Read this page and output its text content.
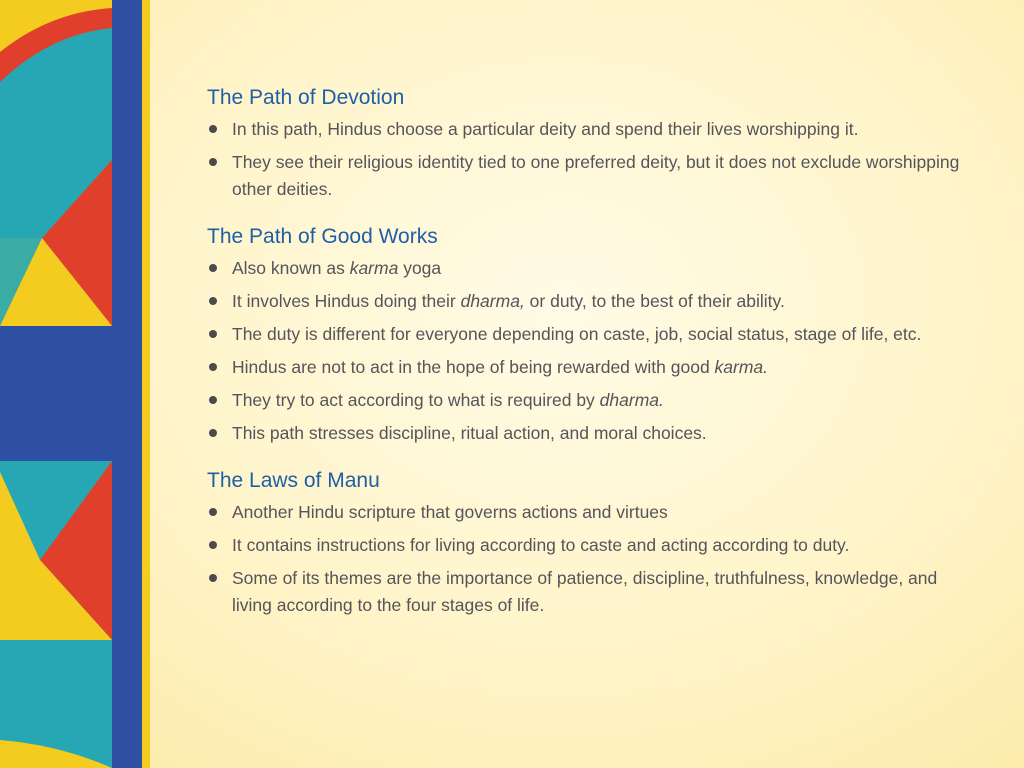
The Path of Devotion
In this path, Hindus choose a particular deity and spend their lives worshipping it.
They see their religious identity tied to one preferred deity, but it does not exclude worshipping other deities.
The Path of Good Works
Also known as karma yoga
It involves Hindus doing their dharma, or duty, to the best of their ability.
The duty is different for everyone depending on caste, job, social status, stage of life, etc.
Hindus are not to act in the hope of being rewarded with good karma.
They try to act according to what is required by dharma.
This path stresses discipline, ritual action, and moral choices.
The Laws of Manu
Another Hindu scripture that governs actions and virtues
It contains instructions for living according to caste and acting according to duty.
Some of its themes are the importance of patience, discipline, truthfulness, knowledge, and living according to the four stages of life.
